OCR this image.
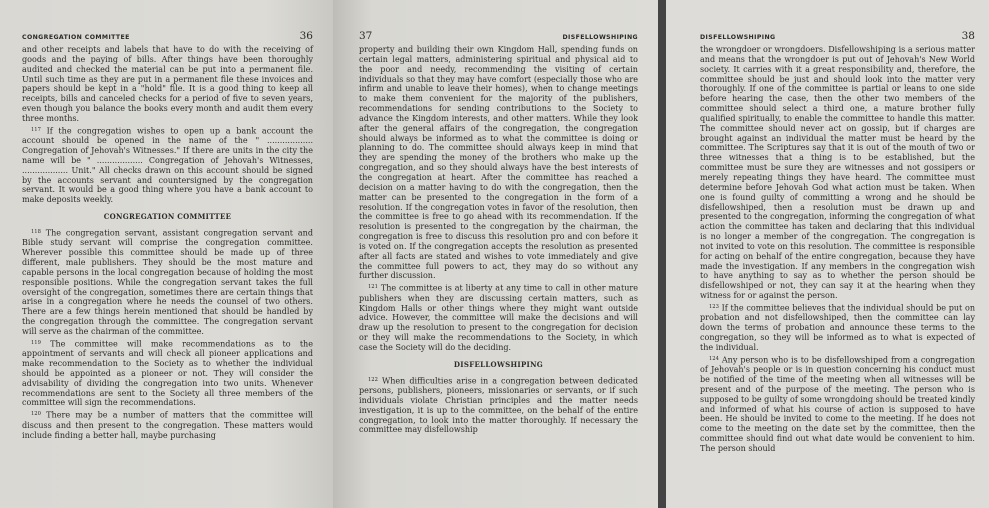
CONGREGATION COMMITTEE	36

and other receipts and labels that have to do with the receiving of goods and the paying of bills. After things have been thoroughly audited and checked the material can be put into a permanent file. Until such time as they are put in a permanent file these invoices and papers should be kept in a "hold" file. It is a good thing to keep all receipts, bills and canceled checks for a period of five to seven years, even though you balance the books every month and audit them every three months.

$^{117}$ If the congregation wishes to open up a bank account the account should be opened in the name of the " .................. Congregation of Jehovah's Witnesses." If there are units in the city the name will be " .................. Congregation of Jehovah's Witnesses, .................. Unit." All checks drawn on this account should be signed by the accounts servant and countersigned by the congregation servant. It would be a good thing where you have a bank account to make deposits weekly.

CONGREGATION COMMITTEE

$^{118}$ The congregation servant, assistant congregation servant and Bible study servant will comprise the congregation committee. Wherever possible this committee should be made up of three different, male publishers. They should be the most mature and capable persons in the local congregation because of holding the most responsible positions. While the congregation servant takes the full oversight of the congregation, sometimes there are certain things that arise in a congregation where he needs the counsel of two others. There are a few things herein mentioned that should be handled by the congregation through the committee. The congregation servant will serve as the chairman of the committee.

$^{119}$ The committee will make recommendations as to the appointment of servants and will check all pioneer applications and make recommendation to the Society as to whether the individual should be appointed as a pioneer or not. They will consider the advisability of dividing the congregation into two units. Whenever recommendations are sent to the Society all three members of the committee will sign the recommendations.

$^{120}$ There may be a number of matters that the committee will discuss and then present to the congregation. These matters would include finding a better hall, maybe purchasing

37	DISFELLOWSHIPING

property and building their own Kingdom Hall, spending funds on certain legal matters, administering spiritual and physical aid to the poor and needy, recommending the visiting of certain individuals so that they may have comfort (especially those who are infirm and unable to leave their homes), when to change meetings to make them convenient for the majority of the publishers, recommendations for sending contributions to the Society to advance the Kingdom interests, and other matters. While they look after the general affairs of the congregation, the congregation should always be informed as to what the committee is doing or planning to do. The committee should always keep in mind that they are spending the money of the brothers who make up the congregation, and so they should always have the best interests of the congregation at heart. After the committee has reached a decision on a matter having to do with the congregation, then the matter can be presented to the congregation in the form of a resolution. If the congregation votes in favor of the resolution, then the committee is free to go ahead with its recommendation. If the resolution is presented to the congregation by the chairman, the congregation is free to discuss this resolution pro and con before it is voted on. If the congregation accepts the resolution as presented after all facts are stated and wishes to vote immediately and give the committee full powers to act, they may do so without any further discussion.

$^{121}$ The committee is at liberty at any time to call in other mature publishers when they are discussing certain matters, such as Kingdom Halls or other things where they might want outside advice. However, the committee will make the decisions and will draw up the resolution to present to the congregation for decision or they will make the recommendations to the Society, in which case the Society will do the deciding.

DISFELLOWSHIPING

$^{122}$ When difficulties arise in a congregation between dedicated persons, publishers, pioneers, missionaries or servants, or if such individuals violate Christian principles and the matter needs investigation, it is up to the committee, on the behalf of the entire congregation, to look into the matter thoroughly. If necessary the committee may disfellowship

DISFELLOWSHIPING	38

the wrongdoer or wrongdoers. Disfellowshiping is a serious matter and means that the wrongdoer is put out of Jehovah's New World society. It carries with it a great responsibility and, therefore, the committee should be just and should look into the matter very thoroughly. If one of the committee is partial or leans to one side before hearing the case, then the other two members of the committee should select a third one, a mature brother fully qualified spiritually, to enable the committee to handle this matter. The committee should never act on gossip, but if charges are brought against an individual the matter must be heard by the committee. The Scriptures say that it is out of the mouth of two or three witnesses that a thing is to be established, but the committee must be sure they are witnesses and not gossipers or merely repeating things they have heard. The committee must determine before Jehovah God what action must be taken. When one is found guilty of committing a wrong and he should be disfellowshiped, then a resolution must be drawn up and presented to the congregation, informing the congregation of what action the committee has taken and declaring that this individual is no longer a member of the congregation. The congregation is not invited to vote on this resolution. The committee is responsible for acting on behalf of the entire congregation, because they have made the investigation. If any members in the congregation wish to have anything to say as to whether the person should be disfellowshiped or not, they can say it at the hearing when they witness for or against the person.

$^{123}$ If the committee believes that the individual should be put on probation and not disfellowshiped, then the committee can lay down the terms of probation and announce these terms to the congregation, so they will be informed as to what is expected of the individual.

$^{124}$ Any person who is to be disfellowshiped from a congregation of Jehovah's people or is in question concerning his conduct must be notified of the time of the meeting when all witnesses will be present and of the purpose of the meeting. The person who is supposed to be guilty of some wrongdoing should be treated kindly and informed of what his course of action is supposed to have been. He should be invited to come to the meeting. If he does not come to the meeting on the date set by the committee, then the committee should find out what date would be convenient to him. The person should
